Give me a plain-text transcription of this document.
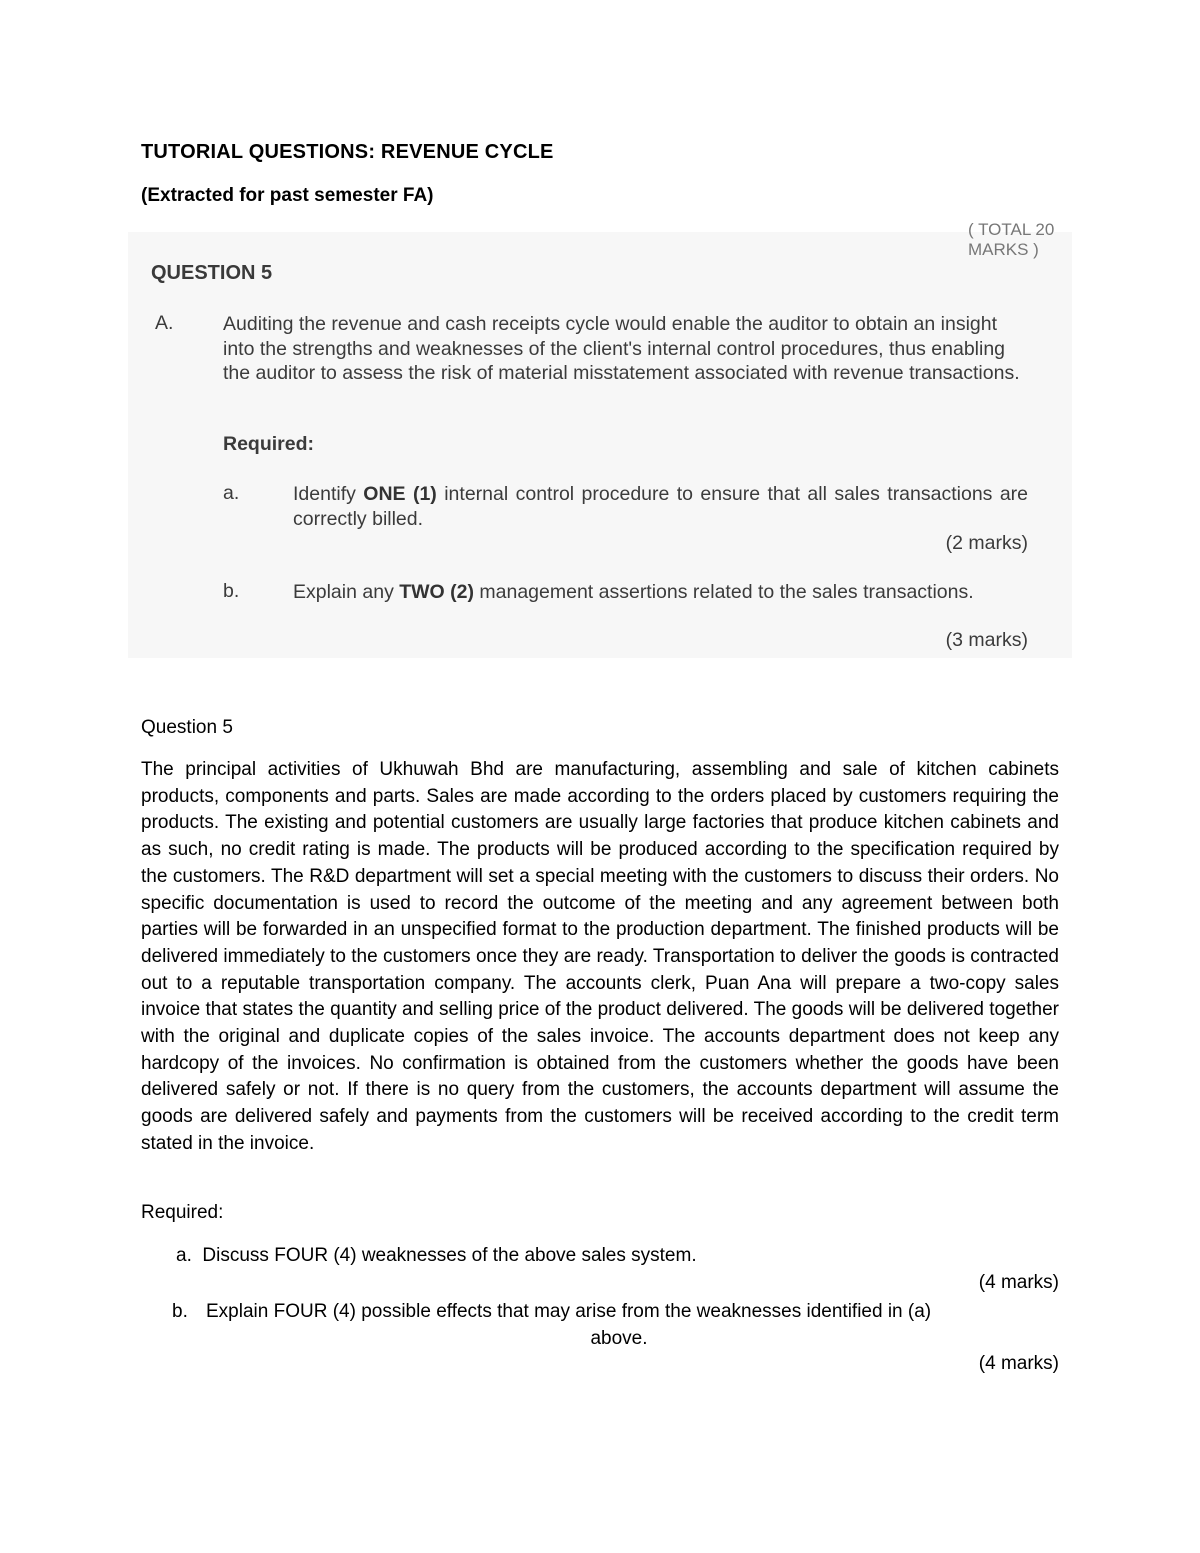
TUTORIAL QUESTIONS: REVENUE CYCLE

(Extracted for past semester FA)

( TOTAL 20 MARKS )
QUESTION 5
A.	Auditing the revenue and cash receipts cycle would enable the auditor to obtain an insight into the strengths and weaknesses of the client's internal control procedures, thus enabling the auditor to assess the risk of material misstatement associated with revenue transactions.
Required:
a.	Identify ONE (1) internal control procedure to ensure that all sales transactions are correctly billed.
(2 marks)
b.	Explain any TWO (2) management assertions related to the sales transactions.
(3 marks)

Question 5

The principal activities of Ukhuwah Bhd are manufacturing, assembling and sale of kitchen cabinets products, components and parts. Sales are made according to the orders placed by customers requiring the products. The existing and potential customers are usually large factories that produce kitchen cabinets and as such, no credit rating is made. The products will be produced according to the specification required by the customers. The R&D department will set a special meeting with the customers to discuss their orders. No specific documentation is used to record the outcome of the meeting and any agreement between both parties will be forwarded in an unspecified format to the production department. The finished products will be delivered immediately to the customers once they are ready. Transportation to deliver the goods is contracted out to a reputable transportation company. The accounts clerk, Puan Ana will prepare a two-copy sales invoice that states the quantity and selling price of the product delivered. The goods will be delivered together with the original and duplicate copies of the sales invoice. The accounts department does not keep any hardcopy of the invoices. No confirmation is obtained from the customers whether the goods have been delivered safely or not. If there is no query from the customers, the accounts department will assume the goods are delivered safely and payments from the customers will be received according to the credit term stated in the invoice.

Required:

a. Discuss FOUR (4) weaknesses of the above sales system.

(4 marks)

b. Explain FOUR (4) possible effects that may arise from the weaknesses identified in (a)
above.

(4 marks)
